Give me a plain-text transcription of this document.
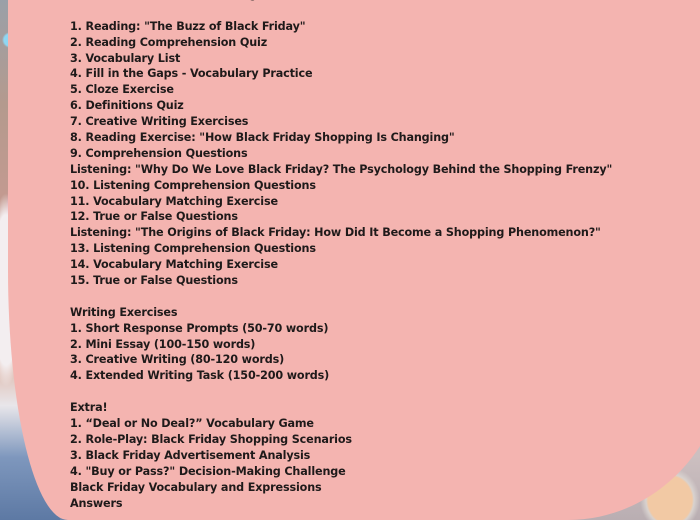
1. Reading: "The Buzz of Black Friday"
2. Reading Comprehension Quiz
3. Vocabulary List
4. Fill in the Gaps - Vocabulary Practice
5. Cloze Exercise
6. Definitions Quiz
7. Creative Writing Exercises
8. Reading Exercise: "How Black Friday Shopping Is Changing"
9. Comprehension Questions
Listening: "Why Do We Love Black Friday? The Psychology Behind the Shopping Frenzy"
10. Listening Comprehension Questions
11. Vocabulary Matching Exercise
12. True or False Questions
Listening: "The Origins of Black Friday: How Did It Become a Shopping Phenomenon?"
13. Listening Comprehension Questions
14. Vocabulary Matching Exercise
15. True or False Questions
Writing Exercises
1. Short Response Prompts (50-70 words)
2. Mini Essay (100-150 words)
3. Creative Writing (80-120 words)
4. Extended Writing Task (150-200 words)
Extra!
1. “Deal or No Deal?” Vocabulary Game
2. Role-Play: Black Friday Shopping Scenarios
3. Black Friday Advertisement Analysis
4. "Buy or Pass?" Decision-Making Challenge
Black Friday Vocabulary and Expressions
Answers
